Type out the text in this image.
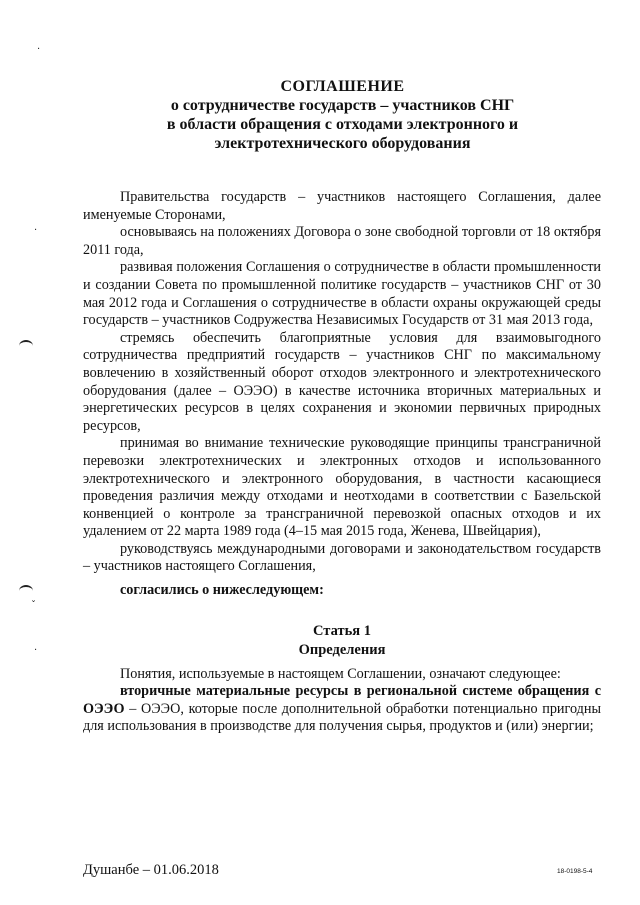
СОГЛАШЕНИЕ
о сотрудничестве государств – участников СНГ
в области обращения с отходами электронного и
электротехнического оборудования

Правительства государств – участников настоящего Соглашения, далее именуемые Сторонами,

основываясь на положениях Договора о зоне свободной торговли от 18 октября 2011 года,

развивая положения Соглашения о сотрудничестве в области промышленности и создании Совета по промышленной политике государств – участников СНГ от 30 мая 2012 года и Соглашения о сотрудничестве в области охраны окружающей среды государств – участников Содружества Независимых Государств от 31 мая 2013 года,

стремясь обеспечить благоприятные условия для взаимовыгодного сотрудничества предприятий государств – участников СНГ по максимальному вовлечению в хозяйственный оборот отходов электронного и электротехнического оборудования (далее – ОЭЭО) в качестве источника вторичных материальных и энергетических ресурсов в целях сохранения и экономии первичных природных ресурсов,

принимая во внимание технические руководящие принципы трансграничной перевозки электротехнических и электронных отходов и использованного электротехнического и электронного оборудования, в частности касающиеся проведения различия между отходами и неотходами в соответствии с Базельской конвенцией о контроле за трансграничной перевозкой опасных отходов и их удалением от 22 марта 1989 года (4–15 мая 2015 года, Женева, Швейцария),

руководствуясь международными договорами и законодательством государств – участников настоящего Соглашения,

согласились о нижеследующем:

Статья 1
Определения

Понятия, используемые в настоящем Соглашении, означают следующее:

вторичные материальные ресурсы в региональной системе обращения с ОЭЭО – ОЭЭО, которые после дополнительной обработки потенциально пригодны для использования в производстве для получения сырья, продуктов и (или) энергии;

Душанбе – 01.06.2018	18-0198-5-4
·
·
ˇ
·
